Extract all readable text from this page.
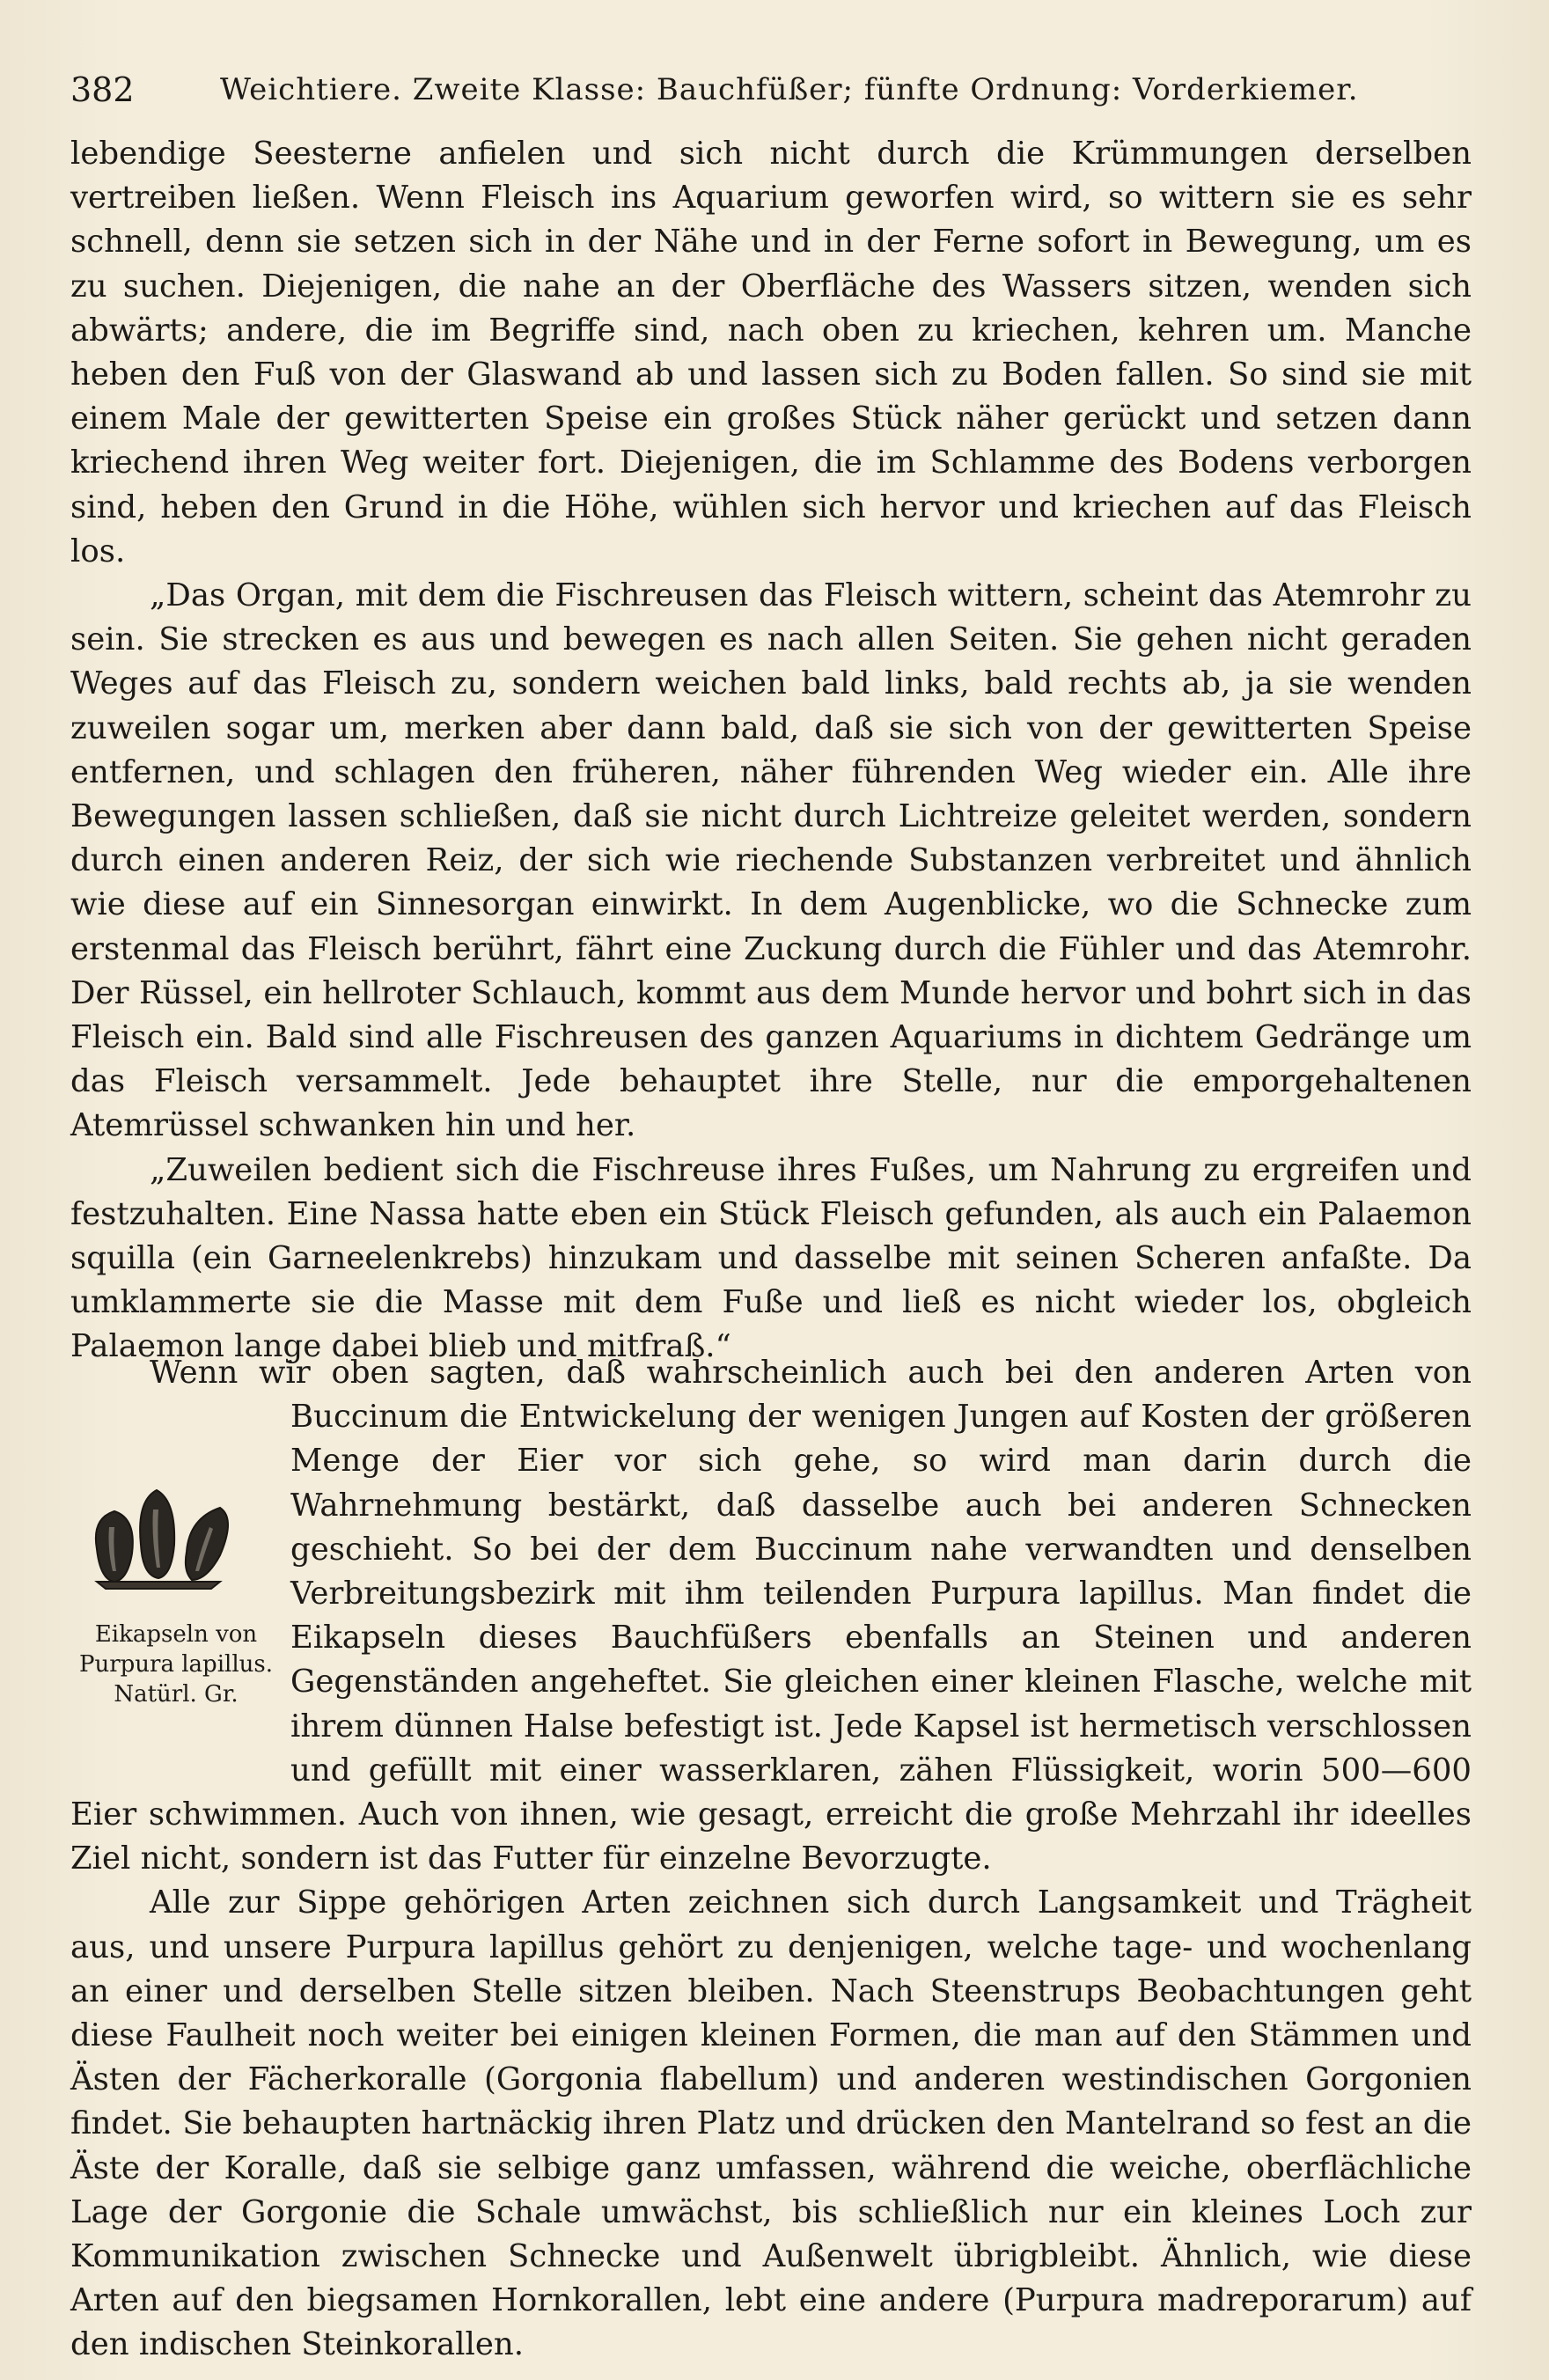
382	Weichtiere. Zweite Klasse: Bauchfüßer; fünfte Ordnung: Vorderkiemer.

lebendige Seesterne anfielen und sich nicht durch die Krümmungen derselben vertreiben ließen. Wenn Fleisch ins Aquarium geworfen wird, so wittern sie es sehr schnell, denn sie setzen sich in der Nähe und in der Ferne sofort in Bewegung, um es zu suchen. Diejenigen, die nahe an der Oberfläche des Wassers sitzen, wenden sich abwärts; andere, die im Begriffe sind, nach oben zu kriechen, kehren um. Manche heben den Fuß von der Glaswand ab und lassen sich zu Boden fallen. So sind sie mit einem Male der gewitterten Speise ein großes Stück näher gerückt und setzen dann kriechend ihren Weg weiter fort. Diejenigen, die im Schlamme des Bodens verborgen sind, heben den Grund in die Höhe, wühlen sich hervor und kriechen auf das Fleisch los.

„Das Organ, mit dem die Fischreusen das Fleisch wittern, scheint das Atemrohr zu sein. Sie strecken es aus und bewegen es nach allen Seiten. Sie gehen nicht geraden Weges auf das Fleisch zu, sondern weichen bald links, bald rechts ab, ja sie wenden zuweilen sogar um, merken aber dann bald, daß sie sich von der gewitterten Speise entfernen, und schlagen den früheren, näher führenden Weg wieder ein. Alle ihre Bewegungen lassen schließen, daß sie nicht durch Lichtreize geleitet werden, sondern durch einen anderen Reiz, der sich wie riechende Substanzen verbreitet und ähnlich wie diese auf ein Sinnesorgan einwirkt. In dem Augenblicke, wo die Schnecke zum erstenmal das Fleisch berührt, fährt eine Zuckung durch die Fühler und das Atemrohr. Der Rüssel, ein hellroter Schlauch, kommt aus dem Munde hervor und bohrt sich in das Fleisch ein. Bald sind alle Fischreusen des ganzen Aquariums in dichtem Gedränge um das Fleisch versammelt. Jede behauptet ihre Stelle, nur die emporgehaltenen Atemrüssel schwanken hin und her.

„Zuweilen bedient sich die Fischreuse ihres Fußes, um Nahrung zu ergreifen und festzuhalten. Eine Nassa hatte eben ein Stück Fleisch gefunden, als auch ein Palaemon squilla (ein Garneelenkrebs) hinzukam und dasselbe mit seinen Scheren anfaßte. Da umklammerte sie die Masse mit dem Fuße und ließ es nicht wieder los, obgleich Palaemon lange dabei blieb und mitfraß.“

Wenn wir oben sagten, daß wahrscheinlich auch bei den anderen Arten von Buccinum die Entwickelung der wenigen Jungen auf Kosten der größeren Menge der Eier vor sich gehe, so wird man darin durch die Wahrnehmung bestärkt, daß dasselbe auch bei anderen Schnecken geschieht. So bei der dem Buccinum nahe verwandten und denselben Verbreitungsbezirk mit ihm teilenden Purpura lapillus. Man findet die Eikapseln dieses Bauchfüßers ebenfalls an Steinen und anderen Gegenständen angeheftet. Sie gleichen einer kleinen Flasche, welche mit ihrem dünnen Halse befestigt ist. Jede Kapsel ist hermetisch verschlossen und gefüllt mit einer wasserklaren, zähen Flüssigkeit, worin 500—600 Eier schwimmen. Auch von ihnen, wie gesagt, erreicht die große Mehrzahl ihr ideelles Ziel nicht, sondern ist das Futter für einzelne Bevorzugte.

Alle zur Sippe gehörigen Arten zeichnen sich durch Langsamkeit und Trägheit aus, und unsere Purpura lapillus gehört zu denjenigen, welche tage- und wochenlang an einer und derselben Stelle sitzen bleiben. Nach Steenstrups Beobachtungen geht diese Faulheit noch weiter bei einigen kleinen Formen, die man auf den Stämmen und Ästen der Fächerkoralle (Gorgonia flabellum) und anderen westindischen Gorgonien findet. Sie behaupten hartnäckig ihren Platz und drücken den Mantelrand so fest an die Äste der Koralle, daß sie selbige ganz umfassen, während die weiche, oberflächliche Lage der Gorgonie die Schale umwächst, bis schließlich nur ein kleines Loch zur Kommunikation zwischen Schnecke und Außenwelt übrigbleibt. Ähnlich, wie diese Arten auf den biegsamen Hornkorallen, lebt eine andere (Purpura madreporarum) auf den indischen Steinkorallen.

Eikapseln von Purpura lapillus. Natürl. Gr.
